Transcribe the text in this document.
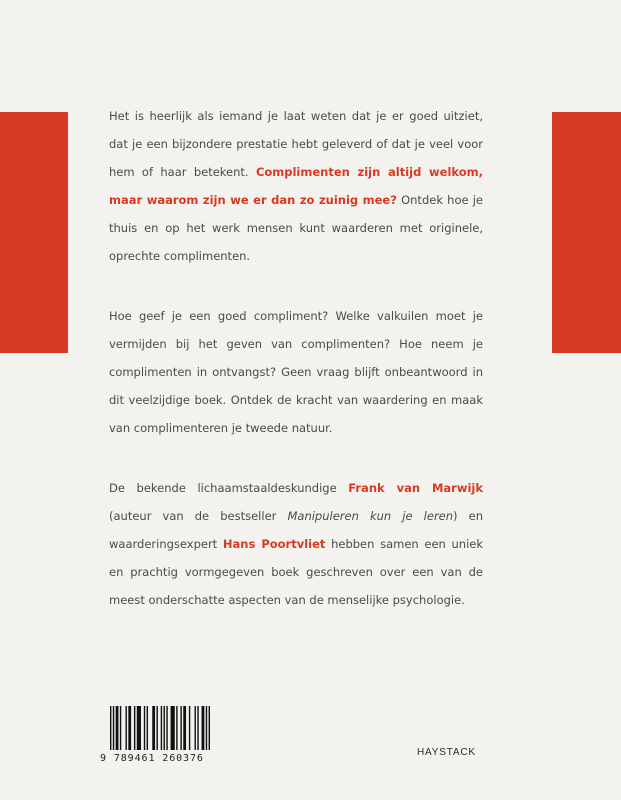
Het is heerlijk als iemand je laat weten dat je er goed uitziet, dat je een bijzondere prestatie hebt geleverd of dat je veel voor hem of haar betekent. Complimenten zijn altijd welkom, maar waarom zijn we er dan zo zuinig mee? Ontdek hoe je thuis en op het werk mensen kunt waarderen met originele, oprechte complimenten.

Hoe geef je een goed compliment? Welke valkuilen moet je vermijden bij het geven van complimenten? Hoe neem je complimenten in ontvangst? Geen vraag blijft onbeantwoord in dit veelzijdige boek. Ontdek de kracht van waardering en maak van complimenteren je tweede natuur.

De bekende lichaamstaaldeskundige Frank van Marwijk (auteur van de bestseller Manipuleren kun je leren) en waarderingsexpert Hans Poortvliet hebben samen een uniek en prachtig vormgegeven boek geschreven over een van de meest onderschatte aspecten van de menselijke psychologie.

9 789461 260376
HAYSTACK
